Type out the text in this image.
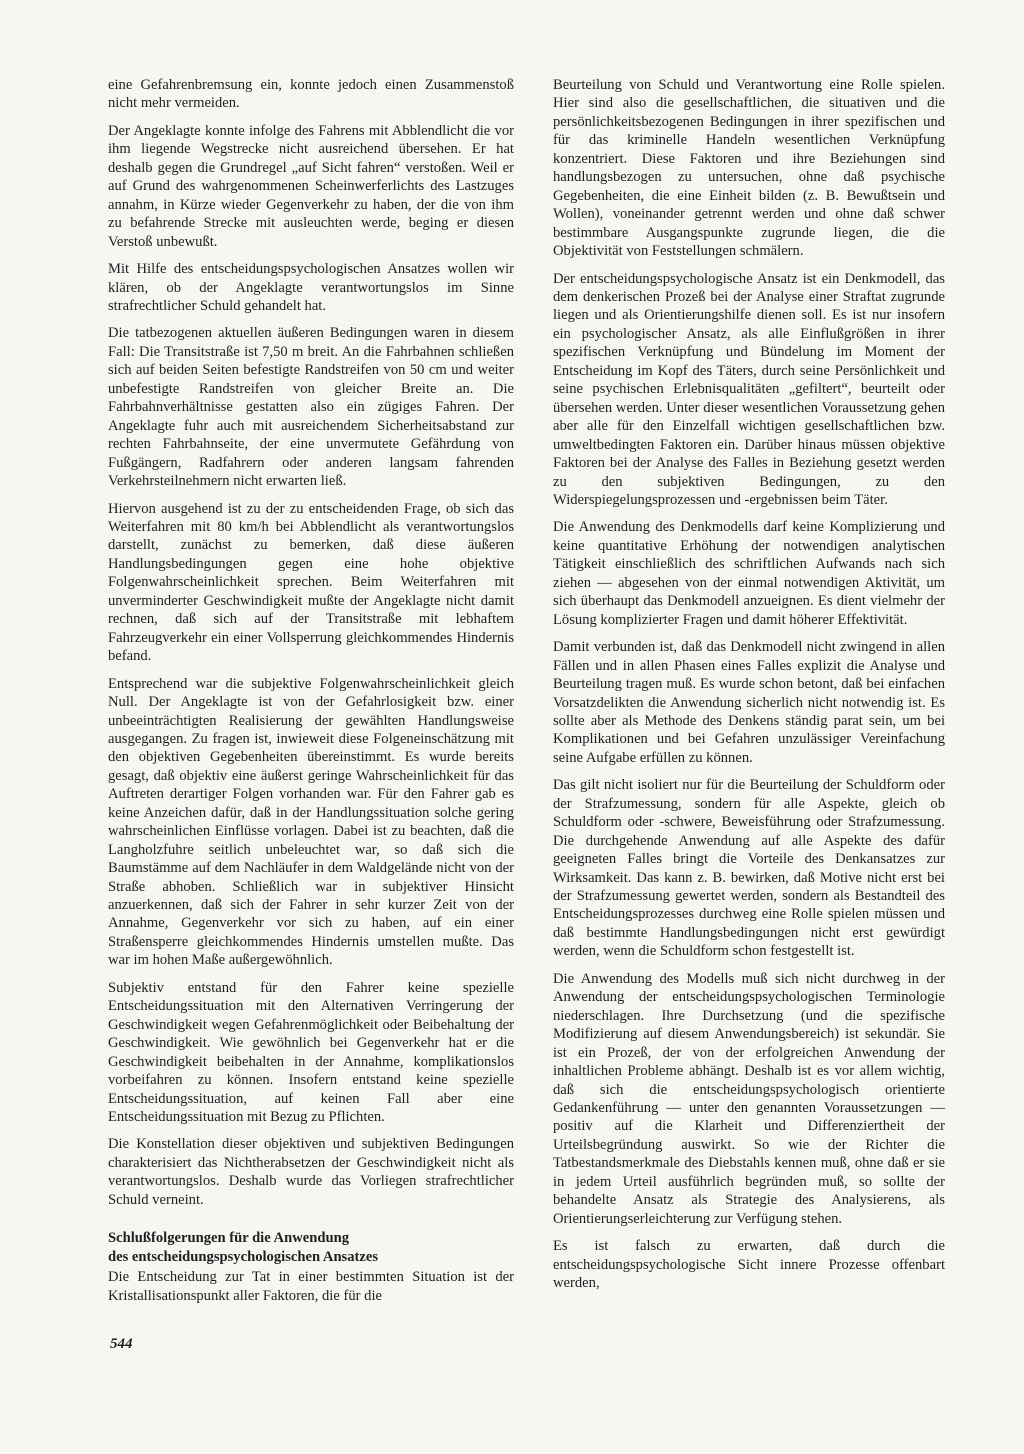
eine Gefahrenbremsung ein, konnte jedoch einen Zusammenstoß nicht mehr vermeiden.

Der Angeklagte konnte infolge des Fahrens mit Abblendlicht die vor ihm liegende Wegstrecke nicht ausreichend übersehen. Er hat deshalb gegen die Grundregel „auf Sicht fahren“ verstoßen. Weil er auf Grund des wahrgenommenen Scheinwerferlichts des Lastzuges annahm, in Kürze wieder Gegenverkehr zu haben, der die von ihm zu befahrende Strecke mit ausleuchten werde, beging er diesen Verstoß unbewußt.

Mit Hilfe des entscheidungspsychologischen Ansatzes wollen wir klären, ob der Angeklagte verantwortungslos im Sinne strafrechtlicher Schuld gehandelt hat.

Die tatbezogenen aktuellen äußeren Bedingungen waren in diesem Fall: Die Transitstraße ist 7,50 m breit. An die Fahrbahnen schließen sich auf beiden Seiten befestigte Randstreifen von 50 cm und weiter unbefestigte Randstreifen von gleicher Breite an. Die Fahrbahnverhältnisse gestatten also ein zügiges Fahren. Der Angeklagte fuhr auch mit ausreichendem Sicherheitsabstand zur rechten Fahrbahnseite, der eine unvermutete Gefährdung von Fußgängern, Radfahrern oder anderen langsam fahrenden Verkehrsteilnehmern nicht erwarten ließ.

Hiervon ausgehend ist zu der zu entscheidenden Frage, ob sich das Weiterfahren mit 80 km/h bei Abblendlicht als verantwortungslos darstellt, zunächst zu bemerken, daß diese äußeren Handlungsbedingungen gegen eine hohe objektive Folgenwahrscheinlichkeit sprechen. Beim Weiterfahren mit unverminderter Geschwindigkeit mußte der Angeklagte nicht damit rechnen, daß sich auf der Transitstraße mit lebhaftem Fahrzeugverkehr ein einer Vollsperrung gleichkommendes Hindernis befand.

Entsprechend war die subjektive Folgenwahrscheinlichkeit gleich Null. Der Angeklagte ist von der Gefahrlosigkeit bzw. einer unbeeinträchtigten Realisierung der gewählten Handlungsweise ausgegangen. Zu fragen ist, inwieweit diese Folgeneinschätzung mit den objektiven Gegebenheiten übereinstimmt. Es wurde bereits gesagt, daß objektiv eine äußerst geringe Wahrscheinlichkeit für das Auftreten derartiger Folgen vorhanden war. Für den Fahrer gab es keine Anzeichen dafür, daß in der Handlungssituation solche gering wahrscheinlichen Einflüsse vorlagen. Dabei ist zu beachten, daß die Langholzfuhre seitlich unbeleuchtet war, so daß sich die Baumstämme auf dem Nachläufer in dem Waldgelände nicht von der Straße abhoben. Schließlich war in subjektiver Hinsicht anzuerkennen, daß sich der Fahrer in sehr kurzer Zeit von der Annahme, Gegenverkehr vor sich zu haben, auf ein einer Straßensperre gleichkommendes Hindernis umstellen mußte. Das war im hohen Maße außergewöhnlich.

Subjektiv entstand für den Fahrer keine spezielle Entscheidungssituation mit den Alternativen Verringerung der Geschwindigkeit wegen Gefahrenmöglichkeit oder Beibehaltung der Geschwindigkeit. Wie gewöhnlich bei Gegenverkehr hat er die Geschwindigkeit beibehalten in der Annahme, komplikationslos vorbeifahren zu können. Insofern entstand keine spezielle Entscheidungssituation, auf keinen Fall aber eine Entscheidungssituation mit Bezug zu Pflichten.

Die Konstellation dieser objektiven und subjektiven Bedingungen charakterisiert das Nichtherabsetzen der Geschwindigkeit nicht als verantwortungslos. Deshalb wurde das Vorliegen strafrechtlicher Schuld verneint.

Schlußfolgerungen für die Anwendung
des entscheidungspsychologischen Ansatzes

Die Entscheidung zur Tat in einer bestimmten Situation ist der Kristallisationspunkt aller Faktoren, die für die

Beurteilung von Schuld und Verantwortung eine Rolle spielen. Hier sind also die gesellschaftlichen, die situativen und die persönlichkeitsbezogenen Bedingungen in ihrer spezifischen und für das kriminelle Handeln wesentlichen Verknüpfung konzentriert. Diese Faktoren und ihre Beziehungen sind handlungsbezogen zu untersuchen, ohne daß psychische Gegebenheiten, die eine Einheit bilden (z. B. Bewußtsein und Wollen), voneinander getrennt werden und ohne daß schwer bestimmbare Ausgangspunkte zugrunde liegen, die die Objektivität von Feststellungen schmälern.

Der entscheidungspsychologische Ansatz ist ein Denkmodell, das dem denkerischen Prozeß bei der Analyse einer Straftat zugrunde liegen und als Orientierungshilfe dienen soll. Es ist nur insofern ein psychologischer Ansatz, als alle Einflußgrößen in ihrer spezifischen Verknüpfung und Bündelung im Moment der Entscheidung im Kopf des Täters, durch seine Persönlichkeit und seine psychischen Erlebnisqualitäten „gefiltert“, beurteilt oder übersehen werden. Unter dieser wesentlichen Voraussetzung gehen aber alle für den Einzelfall wichtigen gesellschaftlichen bzw. umweltbedingten Faktoren ein. Darüber hinaus müssen objektive Faktoren bei der Analyse des Falles in Beziehung gesetzt werden zu den subjektiven Bedingungen, zu den Widerspiegelungsprozessen und -ergebnissen beim Täter.

Die Anwendung des Denkmodells darf keine Komplizierung und keine quantitative Erhöhung der notwendigen analytischen Tätigkeit einschließlich des schriftlichen Aufwands nach sich ziehen — abgesehen von der einmal notwendigen Aktivität, um sich überhaupt das Denkmodell anzueignen. Es dient vielmehr der Lösung komplizierter Fragen und damit höherer Effektivität.

Damit verbunden ist, daß das Denkmodell nicht zwingend in allen Fällen und in allen Phasen eines Falles explizit die Analyse und Beurteilung tragen muß. Es wurde schon betont, daß bei einfachen Vorsatzdelikten die Anwendung sicherlich nicht notwendig ist. Es sollte aber als Methode des Denkens ständig parat sein, um bei Komplikationen und bei Gefahren unzulässiger Vereinfachung seine Aufgabe erfüllen zu können.

Das gilt nicht isoliert nur für die Beurteilung der Schuldform oder der Strafzumessung, sondern für alle Aspekte, gleich ob Schuldform oder -schwere, Beweisführung oder Strafzumessung. Die durchgehende Anwendung auf alle Aspekte des dafür geeigneten Falles bringt die Vorteile des Denkansatzes zur Wirksamkeit. Das kann z. B. bewirken, daß Motive nicht erst bei der Strafzumessung gewertet werden, sondern als Bestandteil des Entscheidungsprozesses durchweg eine Rolle spielen müssen und daß bestimmte Handlungsbedingungen nicht erst gewürdigt werden, wenn die Schuldform schon festgestellt ist.

Die Anwendung des Modells muß sich nicht durchweg in der Anwendung der entscheidungspsychologischen Terminologie niederschlagen. Ihre Durchsetzung (und die spezifische Modifizierung auf diesem Anwendungsbereich) ist sekundär. Sie ist ein Prozeß, der von der erfolgreichen Anwendung der inhaltlichen Probleme abhängt. Deshalb ist es vor allem wichtig, daß sich die entscheidungspsychologisch orientierte Gedankenführung — unter den genannten Voraussetzungen — positiv auf die Klarheit und Differenziertheit der Urteilsbegründung auswirkt. So wie der Richter die Tatbestandsmerkmale des Diebstahls kennen muß, ohne daß er sie in jedem Urteil ausführlich begründen muß, so sollte der behandelte Ansatz als Strategie des Analysierens, als Orientierungserleichterung zur Verfügung stehen.

Es ist falsch zu erwarten, daß durch die entscheidungspsychologische Sicht innere Prozesse offenbart werden,

544
